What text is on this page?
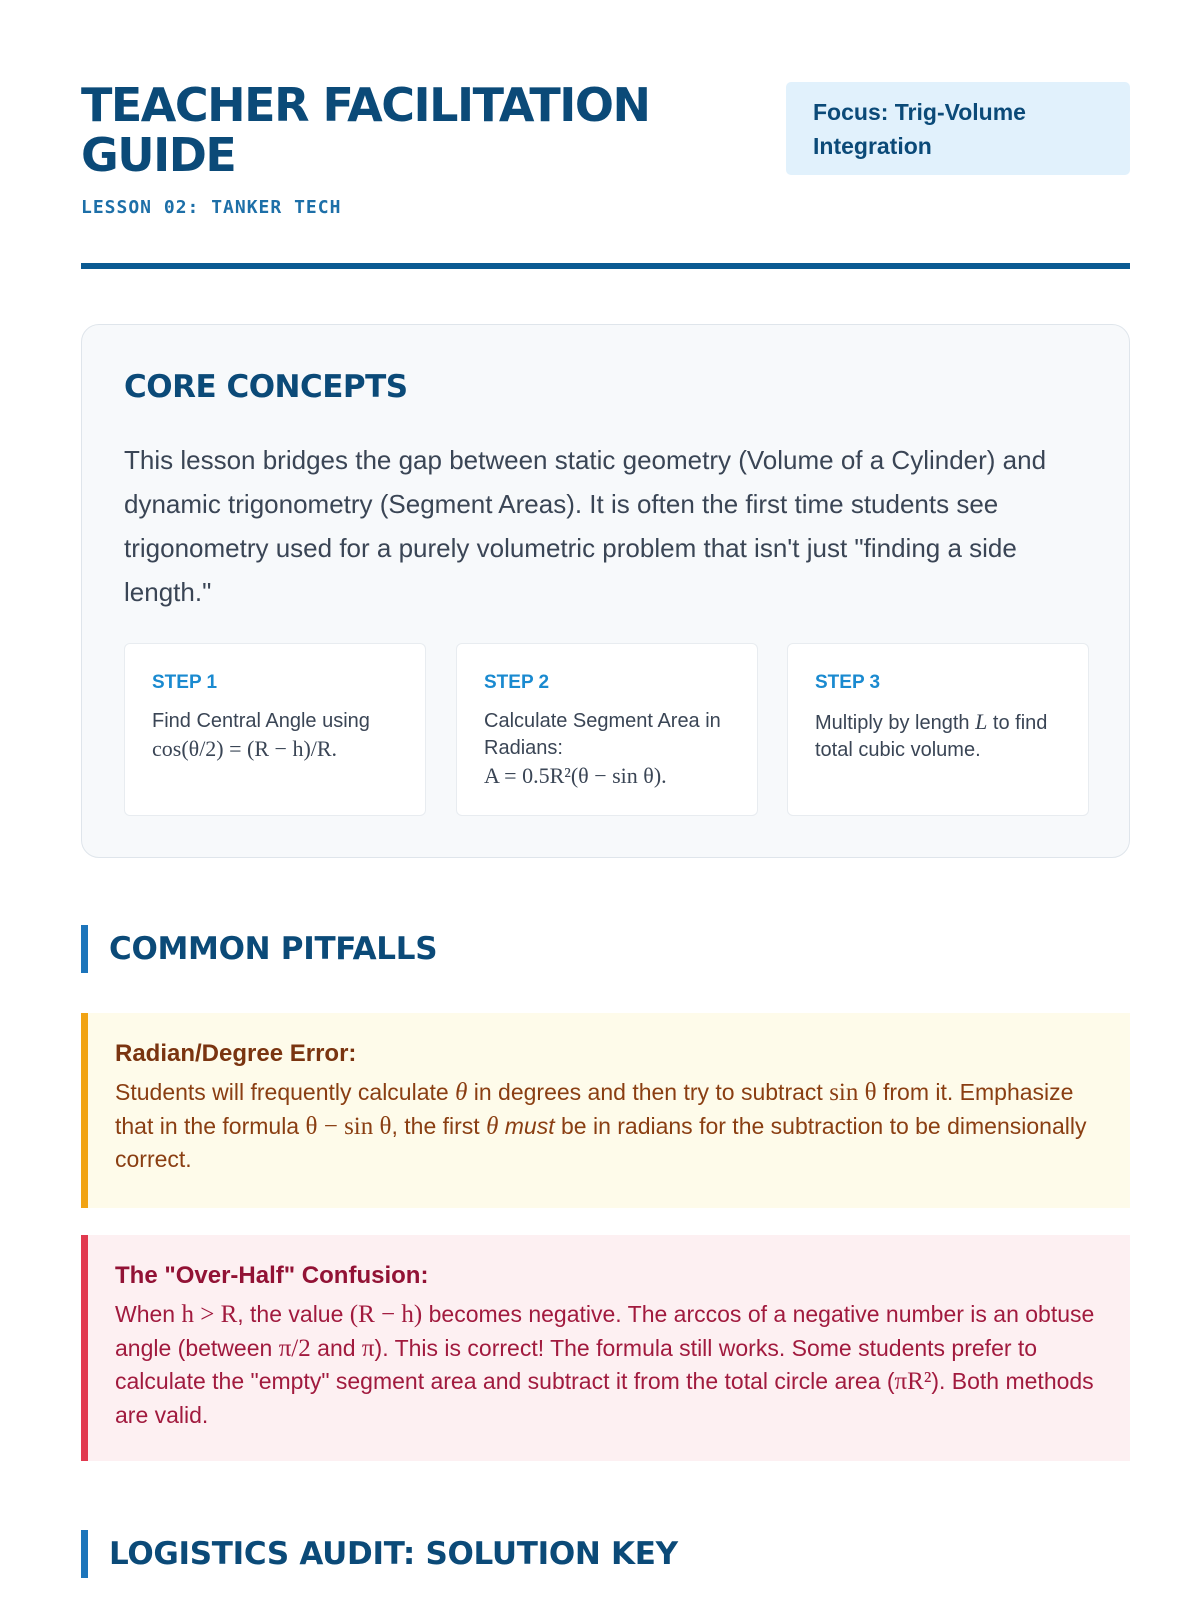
TEACHER FACILITATION GUIDE
LESSON 02: TANKER TECH
Focus: Trig-Volume Integration
CORE CONCEPTS

This lesson bridges the gap between static geometry (Volume of a Cylinder) and dynamic trigonometry (Segment Areas). It is often the first time students see trigonometry used for a purely volumetric problem that isn't just "finding a side length."

STEP 1
Find Central Angle using
cos(θ/2) = (R − h)/R.
STEP 2
Calculate Segment Area in Radians:
A = 0.5R²(θ − sin θ).
STEP 3
Multiply by length L to find total cubic volume.
COMMON PITFALLS
Radian/Degree Error:
Students will frequently calculate θ in degrees and then try to subtract sin θ from it. Emphasize that in the formula θ − sin θ, the first θ must be in radians for the subtraction to be dimensionally correct.
The "Over-Half" Confusion:
When h > R, the value (R − h) becomes negative. The arccos of a negative number is an obtuse angle (between π/2 and π). This is correct! The formula still works. Some students prefer to calculate the "empty" segment area and subtract it from the total circle area (πR²). Both methods are valid.
LOGISTICS AUDIT: SOLUTION KEY
